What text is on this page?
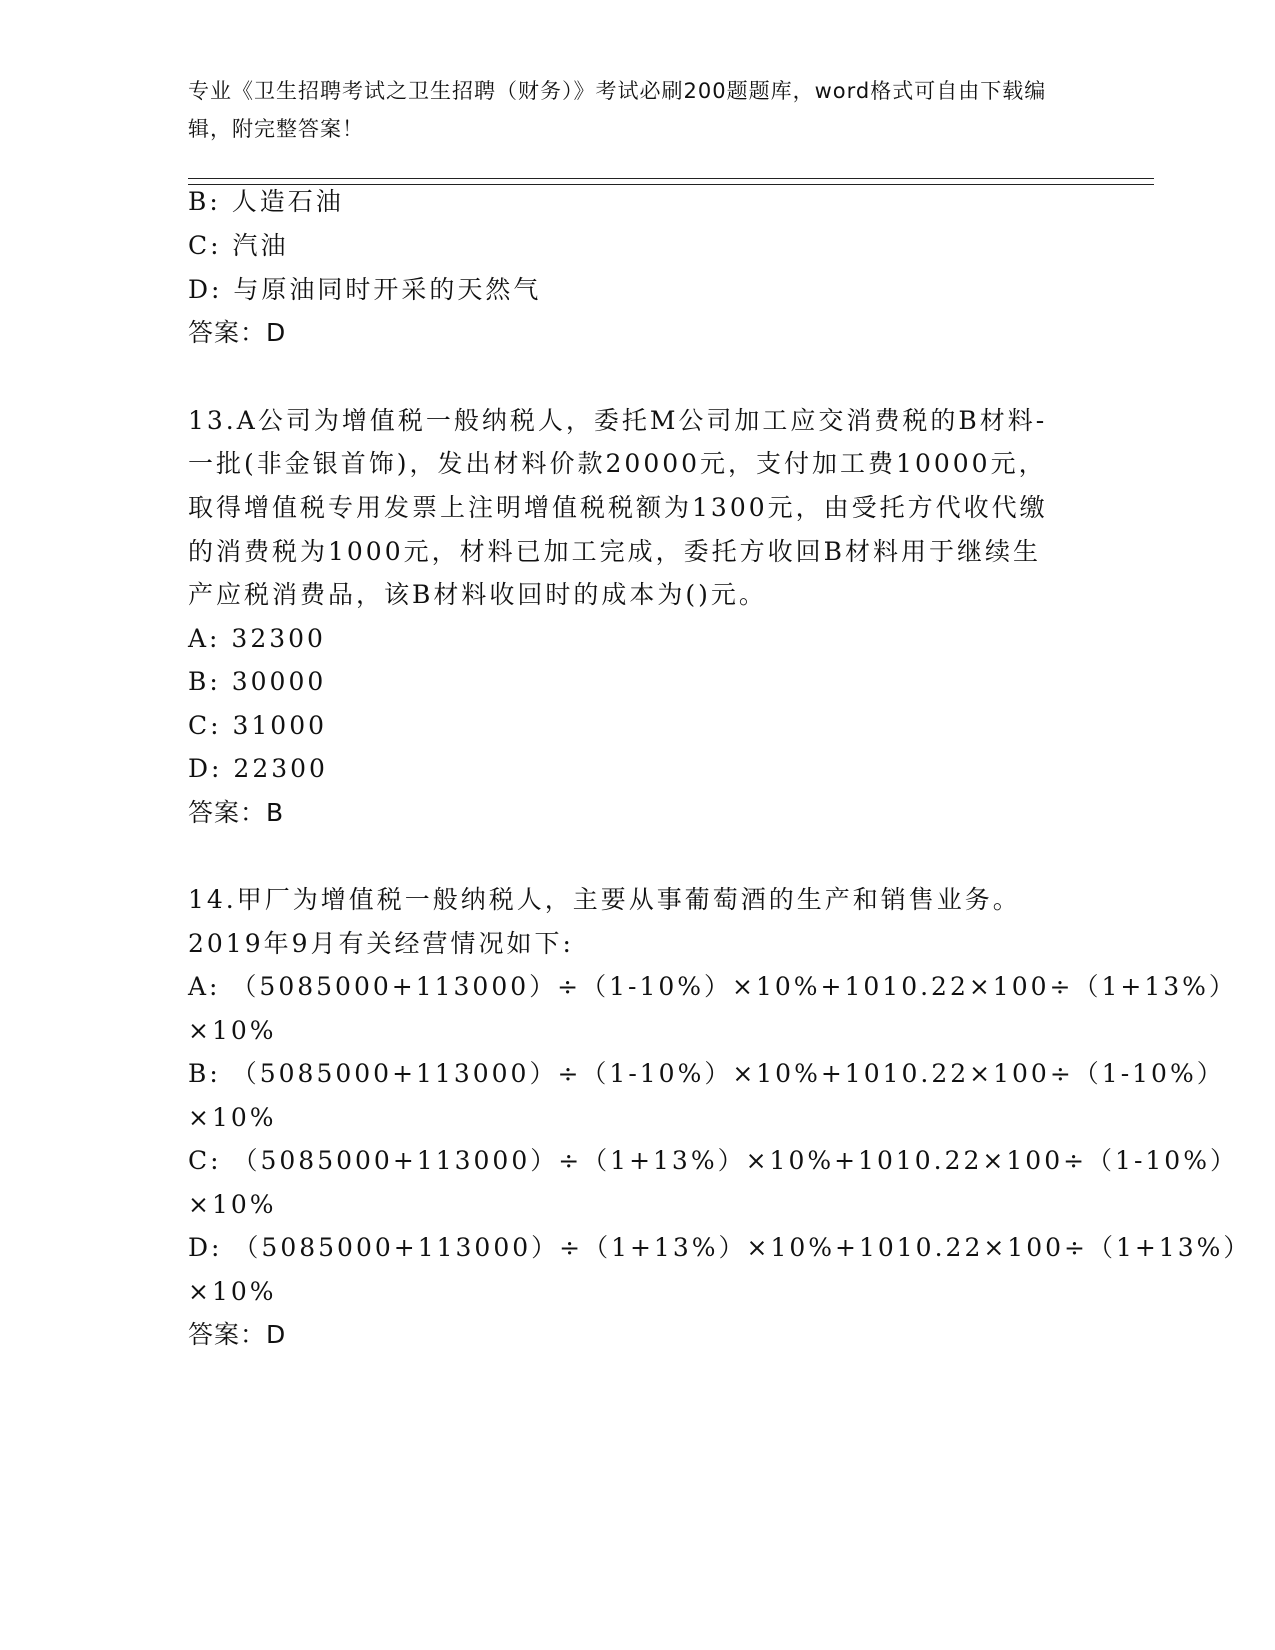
专业《卫生招聘考试之卫生招聘（财务）》考试必刷200题题库，word格式可自由下载编辑，附完整答案！
B: 人造石油
C: 汽油
D: 与原油同时开采的天然气
答案：D
13.A公司为增值税一般纳税人，委托M公司加工应交消费税的B材料-
一批(非金银首饰)，发出材料价款20000元，支付加工费10000元，
取得增值税专用发票上注明增值税税额为1300元，由受托方代收代缴
的消费税为1000元，材料已加工完成，委托方收回B材料用于继续生
产应税消费品，该B材料收回时的成本为()元。
A: 32300
B: 30000
C: 31000
D: 22300
答案：B
14.甲厂为增值税一般纳税人，主要从事葡萄酒的生产和销售业务。
2019年9月有关经营情况如下:
A: （5085000+113000）÷（1-10%）×10%+1010.22×100÷（1+13%）
×10%
B: （5085000+113000）÷（1-10%）×10%+1010.22×100÷（1-10%）
×10%
C: （5085000+113000）÷（1+13%）×10%+1010.22×100÷（1-10%）
×10%
D: （5085000+113000）÷（1+13%）×10%+1010.22×100÷（1+13%）
×10%
答案：D
